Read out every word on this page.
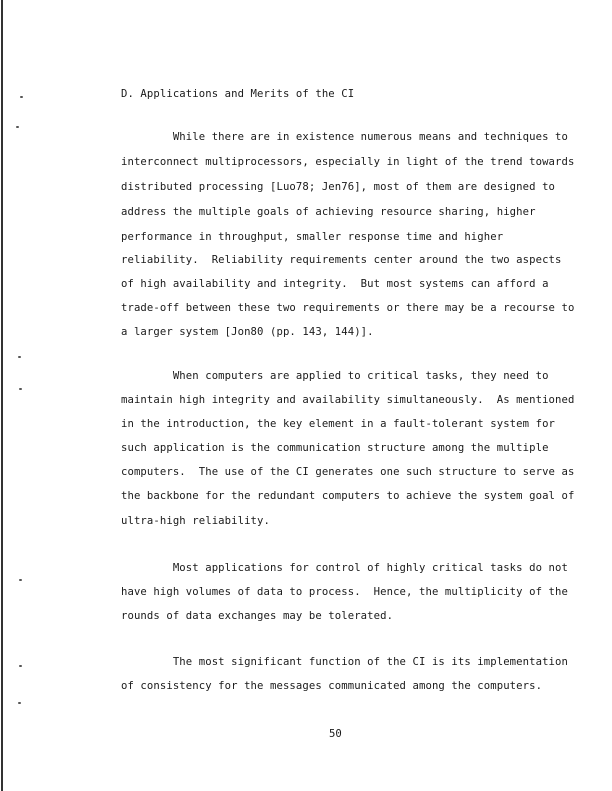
D. Applications and Merits of the CI
While there are in existence numerous means and techniques to
interconnect multiprocessors, especially in light of the trend towards
distributed processing [Luo78; Jen76], most of them are designed to
address the multiple goals of achieving resource sharing, higher
performance in throughput, smaller response time and higher
reliability.  Reliability requirements center around the two aspects
of high availability and integrity.  But most systems can afford a
trade-off between these two requirements or there may be a recourse to
a larger system [Jon80 (pp. 143, 144)].
When computers are applied to critical tasks, they need to
maintain high integrity and availability simultaneously.  As mentioned
in the introduction, the key element in a fault-tolerant system for
such application is the communication structure among the multiple
computers.  The use of the CI generates one such structure to serve as
the backbone for the redundant computers to achieve the system goal of
ultra-high reliability.
Most applications for control of highly critical tasks do not
have high volumes of data to process.  Hence, the multiplicity of the
rounds of data exchanges may be tolerated.
The most significant function of the CI is its implementation
of consistency for the messages communicated among the computers.
50
